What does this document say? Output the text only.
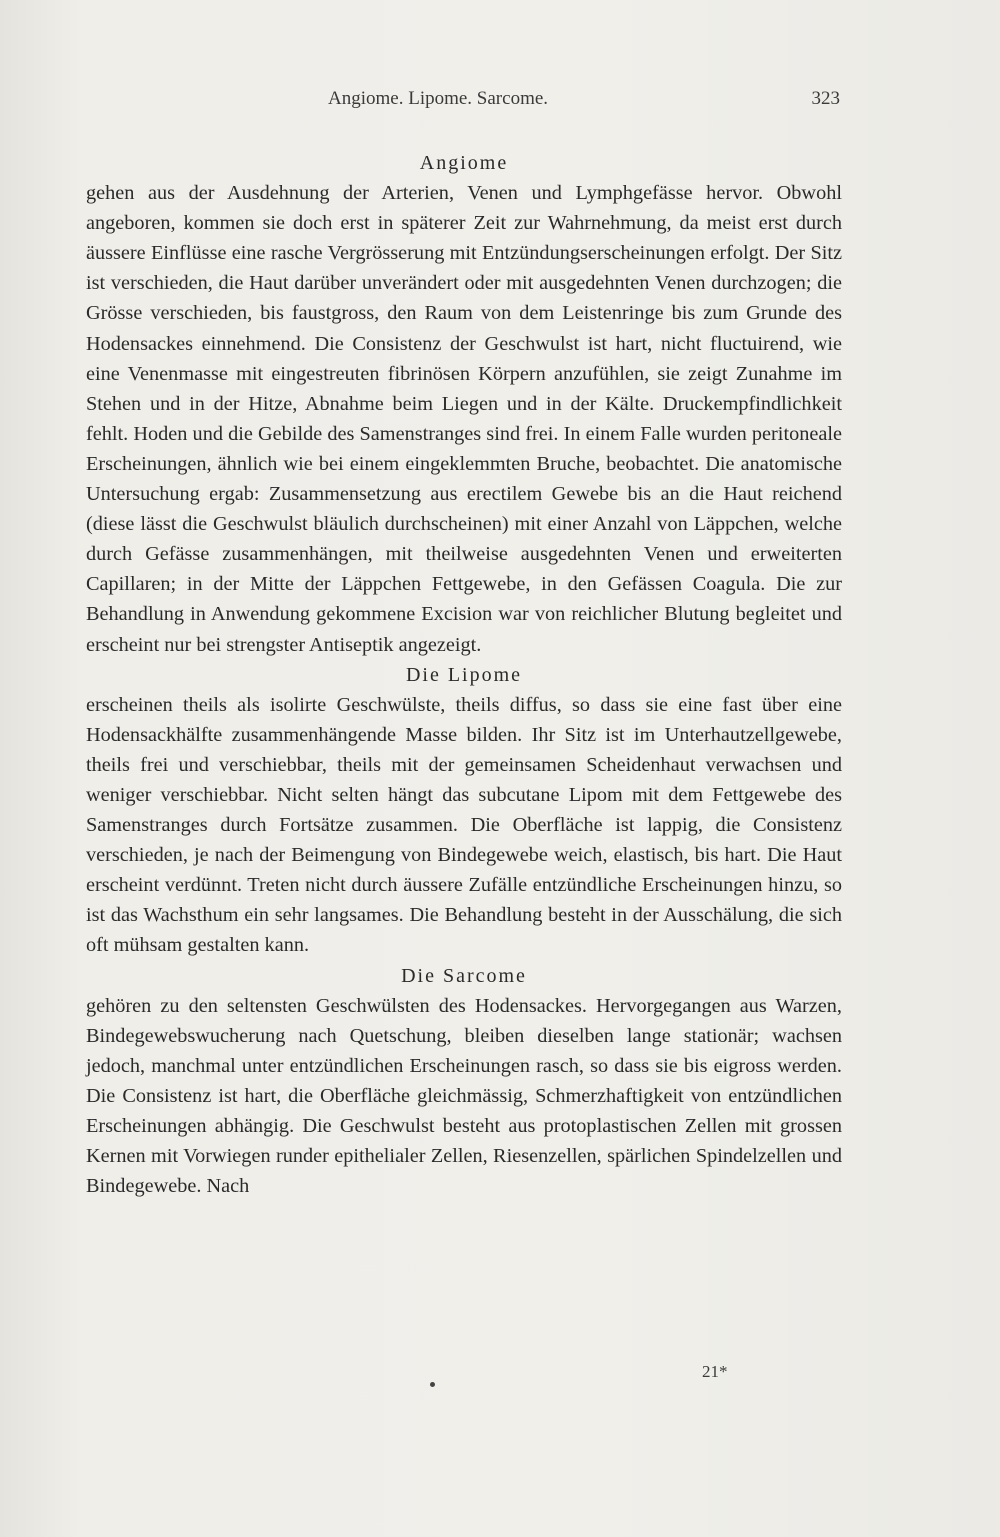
Angiome. Lipome. Sarcome.	323
Angiome

gehen aus der Ausdehnung der Arterien, Venen und Lymphgefässe hervor. Obwohl angeboren, kommen sie doch erst in späterer Zeit zur Wahrnehmung, da meist erst durch äussere Einflüsse eine rasche Vergrösserung mit Entzündungserscheinungen erfolgt. Der Sitz ist verschieden, die Haut darüber unverändert oder mit ausgedehnten Venen durchzogen; die Grösse verschieden, bis faustgross, den Raum von dem Leistenringe bis zum Grunde des Hodensackes einnehmend. Die Consistenz der Geschwulst ist hart, nicht fluctuirend, wie eine Venenmasse mit eingestreuten fibrinösen Körpern anzufühlen, sie zeigt Zunahme im Stehen und in der Hitze, Abnahme beim Liegen und in der Kälte. Druckempfindlichkeit fehlt. Hoden und die Gebilde des Samenstranges sind frei. In einem Falle wurden peritoneale Erscheinungen, ähnlich wie bei einem eingeklemmten Bruche, beobachtet. Die anatomische Untersuchung ergab: Zusammensetzung aus erectilem Gewebe bis an die Haut reichend (diese lässt die Geschwulst bläulich durchscheinen) mit einer Anzahl von Läppchen, welche durch Gefässe zusammenhängen, mit theilweise ausgedehnten Venen und erweiterten Capillaren; in der Mitte der Läppchen Fettgewebe, in den Gefässen Coagula. Die zur Behandlung in Anwendung gekommene Excision war von reichlicher Blutung begleitet und erscheint nur bei strengster Antiseptik angezeigt.

Die Lipome

erscheinen theils als isolirte Geschwülste, theils diffus, so dass sie eine fast über eine Hodensackhälfte zusammenhängende Masse bilden. Ihr Sitz ist im Unterhautzellgewebe, theils frei und verschiebbar, theils mit der gemeinsamen Scheidenhaut verwachsen und weniger verschiebbar. Nicht selten hängt das subcutane Lipom mit dem Fettgewebe des Samenstranges durch Fortsätze zusammen. Die Oberfläche ist lappig, die Consistenz verschieden, je nach der Beimengung von Bindegewebe weich, elastisch, bis hart. Die Haut erscheint verdünnt. Treten nicht durch äussere Zufälle entzündliche Erscheinungen hinzu, so ist das Wachsthum ein sehr langsames. Die Behandlung besteht in der Ausschälung, die sich oft mühsam gestalten kann.

Die Sarcome

gehören zu den seltensten Geschwülsten des Hodensackes. Hervorgegangen aus Warzen, Bindegewebswucherung nach Quetschung, bleiben dieselben lange stationär; wachsen jedoch, manchmal unter entzündlichen Erscheinungen rasch, so dass sie bis eigross werden. Die Consistenz ist hart, die Oberfläche gleichmässig, Schmerzhaftigkeit von entzündlichen Erscheinungen abhängig. Die Geschwulst besteht aus protoplastischen Zellen mit grossen Kernen mit Vorwiegen runder epithelialer Zellen, Riesenzellen, spärlichen Spindelzellen und Bindegewebe. Nach

21*
